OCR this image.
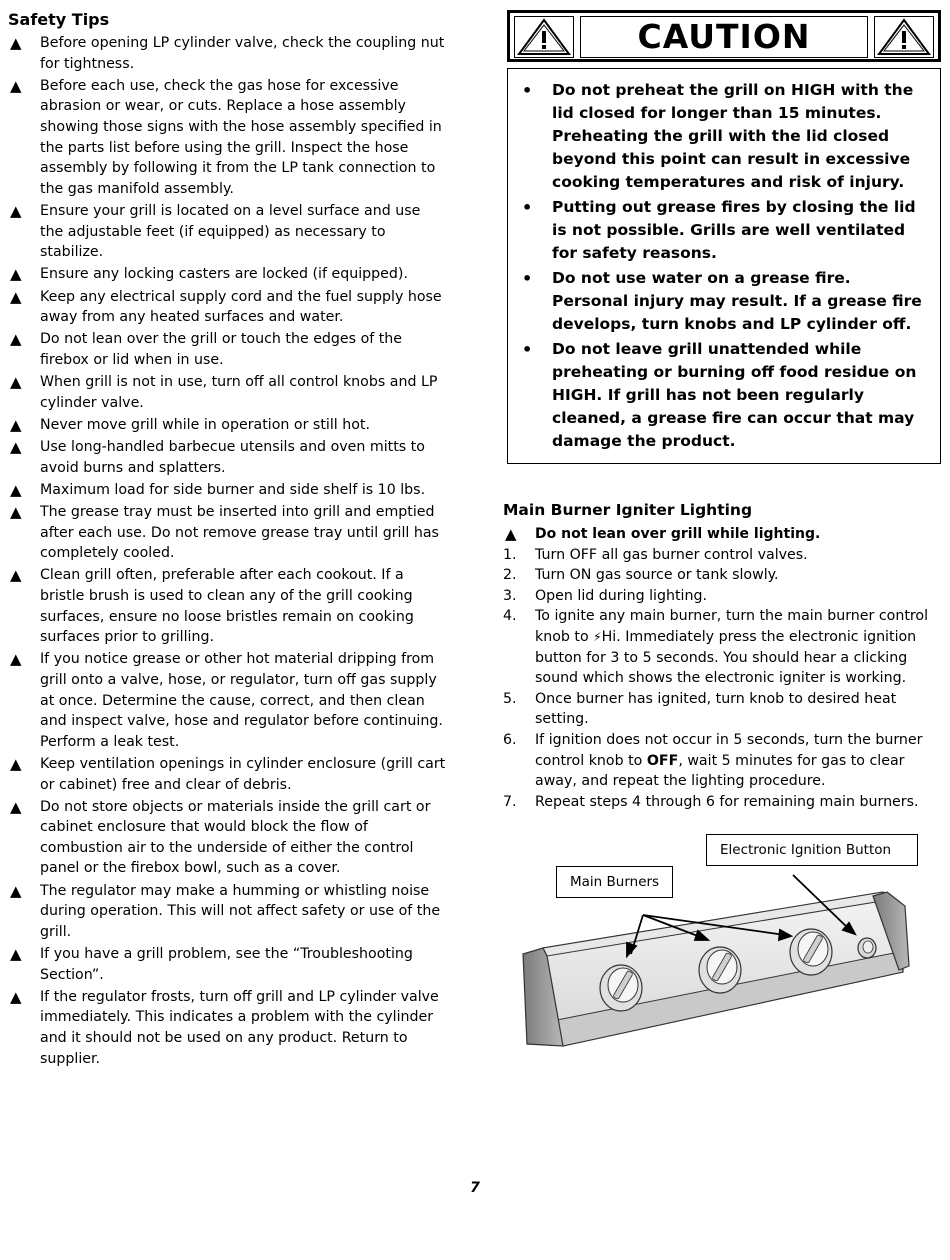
Safety Tips
▲ Before opening LP cylinder valve, check the coupling nut for tightness.
▲ Before each use, check the gas hose for excessive abrasion or wear, or cuts. Replace a hose assembly showing those signs with the hose assembly specified in the parts list before using the grill. Inspect the hose assembly by following it from the LP tank connection to the gas manifold assembly.
▲ Ensure your grill is located on a level surface and use the adjustable feet (if equipped) as necessary to stabilize.
▲ Ensure any locking casters are locked (if equipped).
▲ Keep any electrical supply cord and the fuel supply hose away from any heated surfaces and water.
▲ Do not lean over the grill or touch the edges of the firebox or lid when in use.
▲ When grill is not in use, turn off all control knobs and LP cylinder valve.
▲ Never move grill while in operation or still hot.
▲ Use long-handled barbecue utensils and oven mitts to avoid burns and splatters.
▲ Maximum load for side burner and side shelf is 10 lbs.
▲ The grease tray must be inserted into grill and emptied after each use. Do not remove grease tray until grill has completely cooled.
▲ Clean grill often, preferable after each cookout. If a bristle brush is used to clean any of the grill cooking surfaces, ensure no loose bristles remain on cooking surfaces prior to grilling.
▲ If you notice grease or other hot material dripping from grill onto a valve, hose, or regulator, turn off gas supply at once. Determine the cause, correct, and then clean and inspect valve, hose and regulator before continuing. Perform a leak test.
▲ Keep ventilation openings in cylinder enclosure (grill cart or cabinet) free and clear of debris.
▲ Do not store objects or materials inside the grill cart or cabinet enclosure that would block the flow of combustion air to the underside of either the control panel or the firebox bowl, such as a cover.
▲ The regulator may make a humming or whistling noise during operation. This will not affect safety or use of the grill.
▲ If you have a grill problem, see the “Troubleshooting Section”.
▲ If the regulator frosts, turn off grill and LP cylinder valve immediately. This indicates a problem with the cylinder and it should not be used on any product. Return to supplier.
CAUTION
• Do not preheat the grill on HIGH with the lid closed for longer than 15 minutes. Preheating the grill with the lid closed beyond this point can result in excessive cooking temperatures and risk of injury.
• Putting out grease fires by closing the lid is not possible. Grills are well ventilated for safety reasons.
• Do not use water on a grease fire. Personal injury may result. If a grease fire develops, turn knobs and LP cylinder off.
• Do not leave grill unattended while preheating or burning off food residue on HIGH. If grill has not been regularly cleaned, a grease fire can occur that may damage the product.
Main Burner Igniter Lighting
▲ Do not lean over grill while lighting.
1. Turn OFF all gas burner control valves.
2. Turn ON gas source or tank slowly.
3. Open lid during lighting.
4. To ignite any main burner, turn the main burner control knob to ⚡Hi. Immediately press the electronic ignition button for 3 to 5 seconds. You should hear a clicking sound which shows the electronic igniter is working.
5. Once burner has ignited, turn knob to desired heat setting.
6. If ignition does not occur in 5 seconds, turn the burner control knob to OFF, wait 5 minutes for gas to clear away, and repeat the lighting procedure.
7. Repeat steps 4 through 6 for remaining main burners.
Main Burners
Electronic Ignition Button
7
